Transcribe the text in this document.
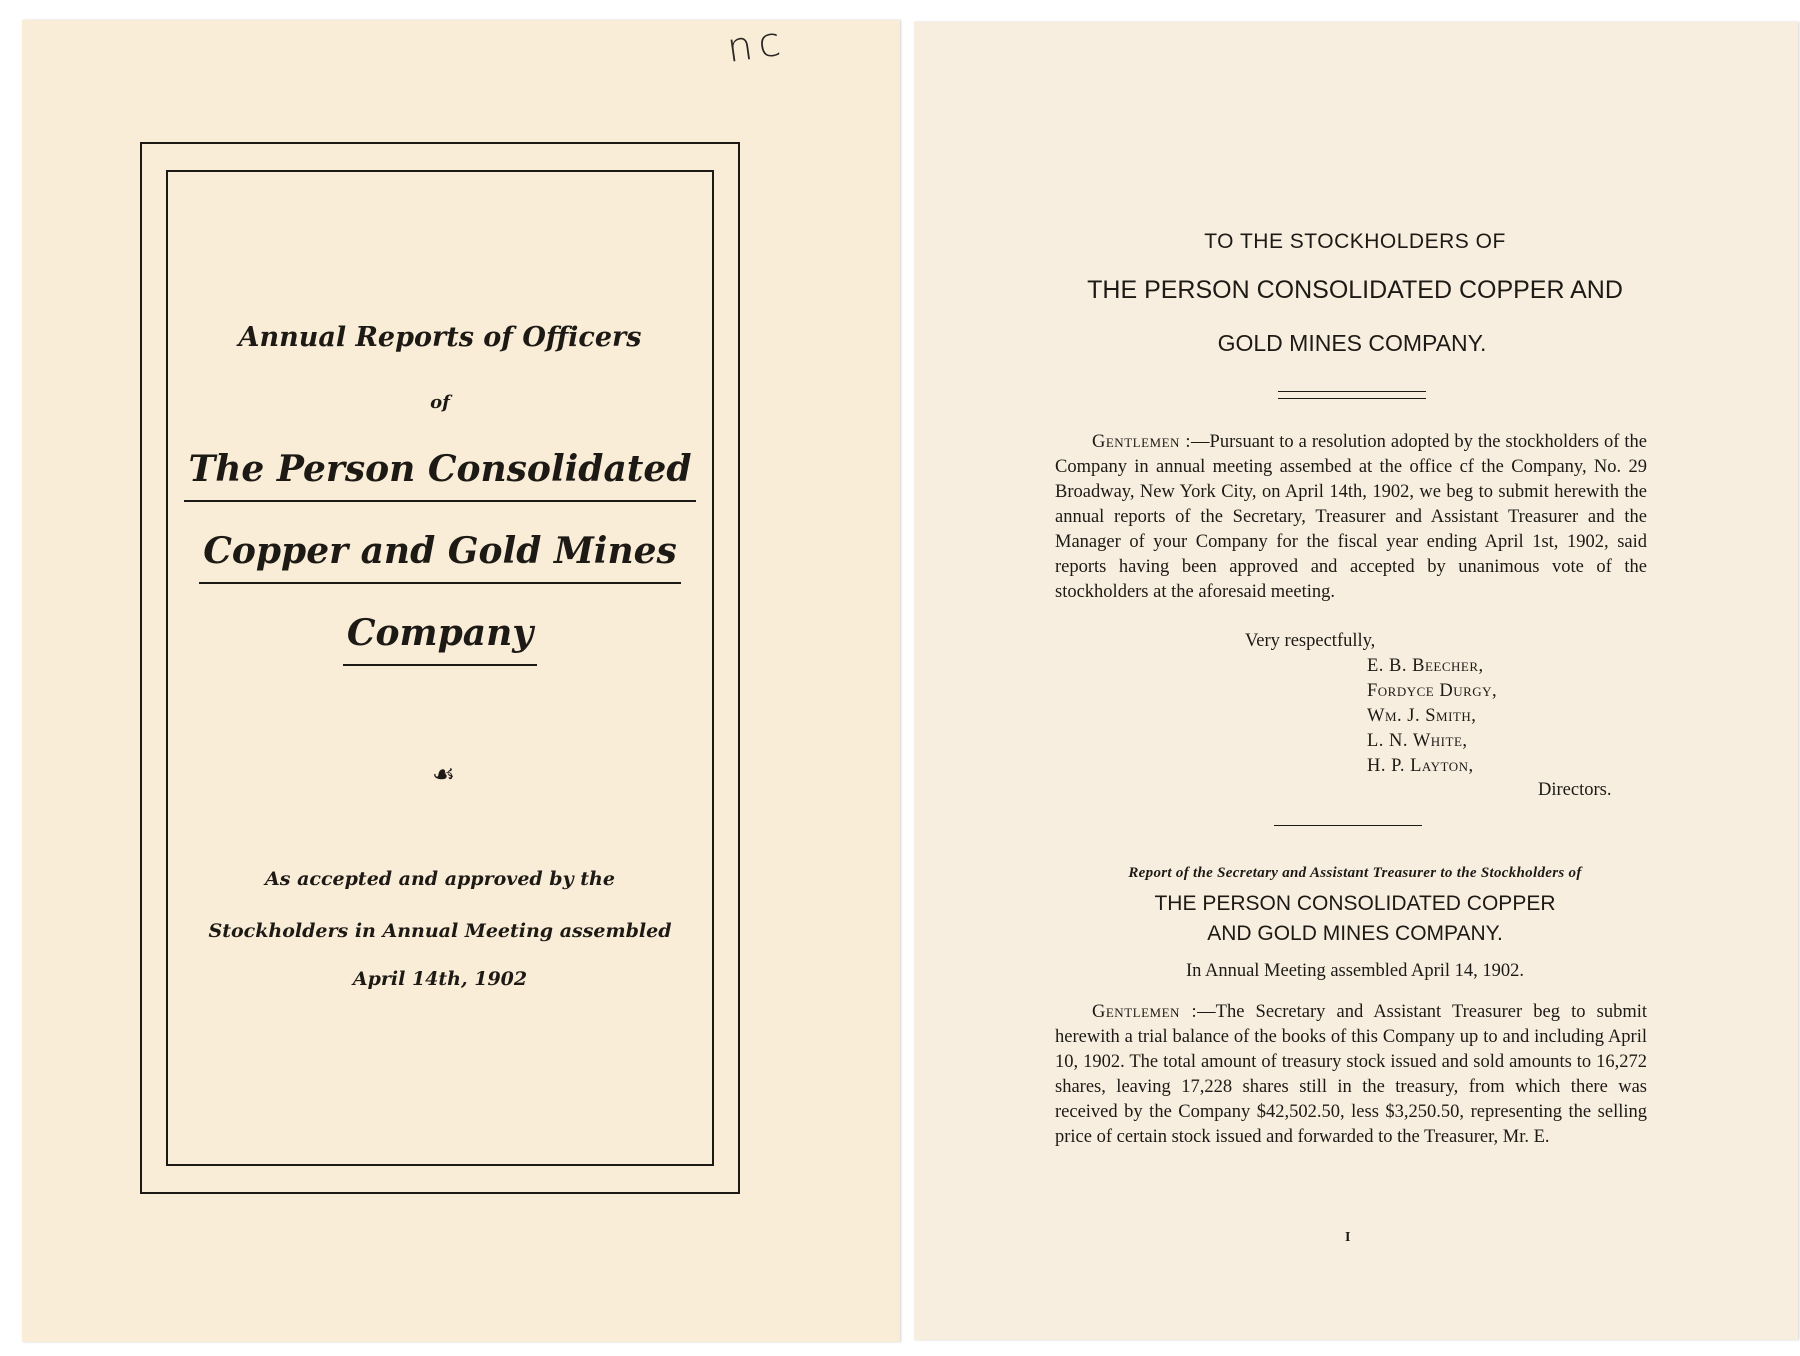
nc
Annual Reports of Officers
of
The Person Consolidated
Copper and Gold Mines
Company
☙
As accepted and approved by the
Stockholders in Annual Meeting assembled
April 14th, 1902
TO THE STOCKHOLDERS OF
THE PERSON CONSOLIDATED COPPER AND
GOLD MINES COMPANY.
  Gentlemen :—Pursuant to a resolution adopted by the stockholders of the Company in annual meeting assembed at the office cf the Company, No. 29 Broadway, New York City, on April 14th, 1902, we beg to submit herewith the annual reports of the Secretary, Treasurer and Assistant Treasurer and the Manager of your Company for the fiscal year ending April 1st, 1902, said reports having been approved and accepted by unanimous vote of the stockholders at the aforesaid meeting.
Very respectfully,
E. B. Beecher,
Fordyce Durgy,
Wm. J. Smith,
L. N. White,
H. P. Layton,
Directors.
Report of the Secretary and Assistant Treasurer to the Stockholders of
THE PERSON CONSOLIDATED COPPER
AND GOLD MINES COMPANY.
In Annual Meeting assembled April 14, 1902.
  Gentlemen :—The Secretary and Assistant Treasurer beg to submit herewith a trial balance of the books of this Company up to and including April 10, 1902. The total amount of treasury stock issued and sold amounts to 16,272 shares, leaving 17,228 shares still in the treasury, from which there was received by the Company $42,502.50, less $3,250.50, representing the selling price of certain stock issued and forwarded to the Treasurer, Mr. E.
I
